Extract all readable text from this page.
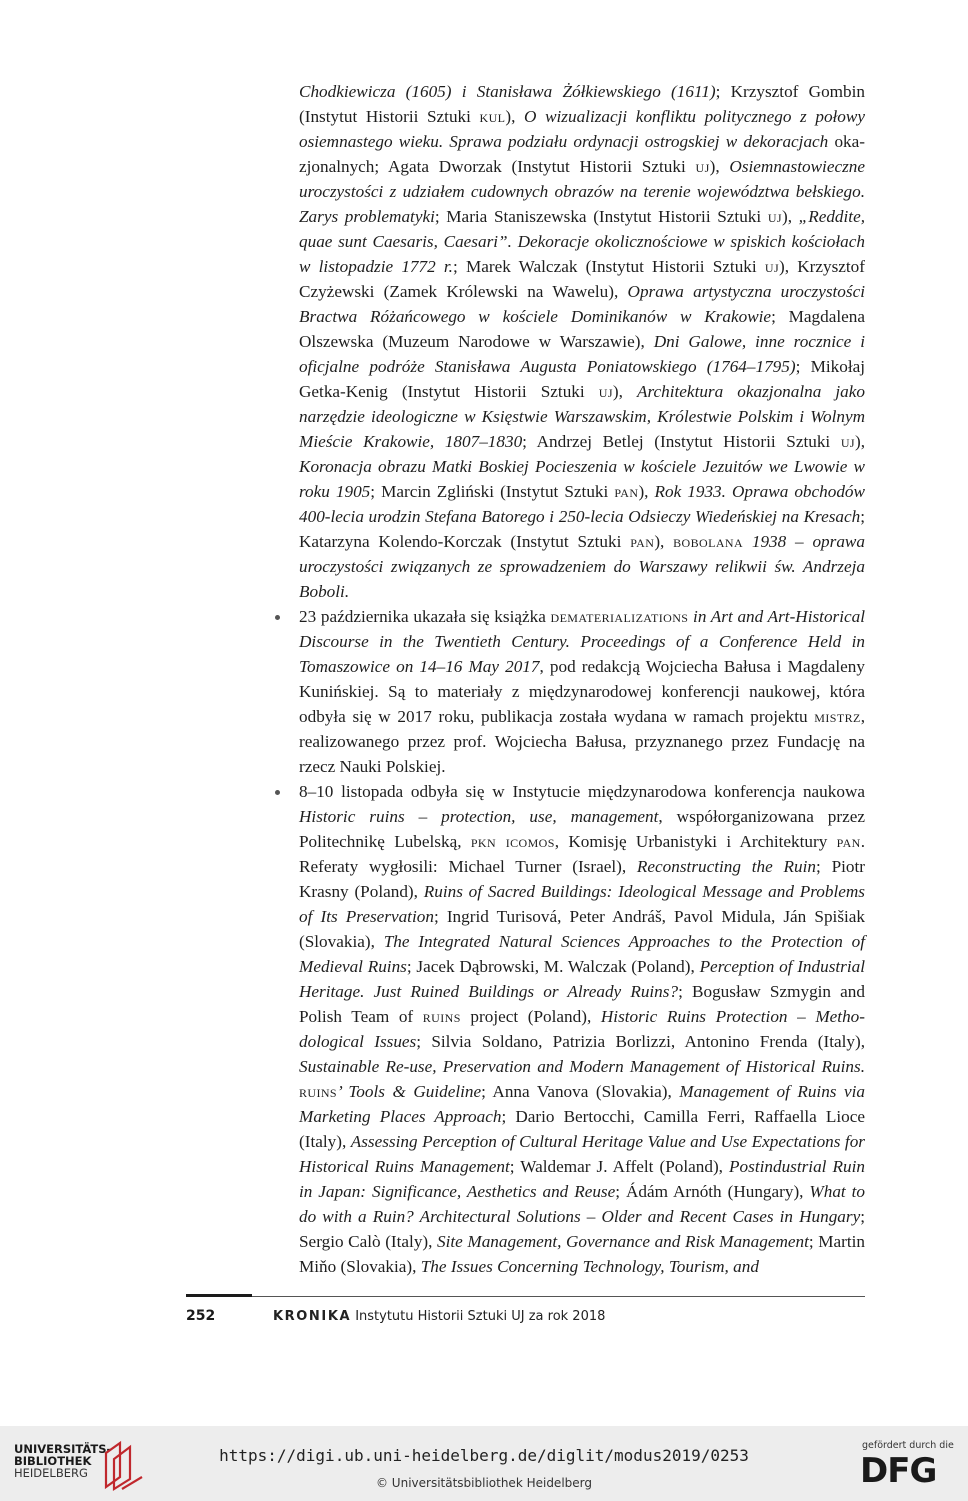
Chodkiewicza (1605) i Stanisława Żółkiewskiego (1611); Krzysztof Gombin (Instytut Historii Sztuki kul), O wizualizacji konfliktu politycznego z połowy osiemnastego wieku. Sprawa podziału ordynacji ostrogskiej w dekoracjach okazjonalnych; Agata Dworzak (Instytut Historii Sztuki uj), Osiemnastowieczne uroczystości z udziałem cudownych obrazów na terenie województwa bełskiego. Zarys problematyki; Maria Staniszewska (Instytut Historii Sztuki uj), „Reddite, quae sunt Caesaris, Caesari”. Dekoracje okolicznościowe w spiskich kościołach w listopadzie 1772 r.; Marek Walczak (Instytut Historii Sztuki uj), Krzysztof Czyżewski (Zamek Królewski na Wawelu), Oprawa artystyczna uroczystości Bractwa Różańcowego w kościele Dominikanów w Krakowie; Magdalena Olszewska (Muzeum Narodowe w Warszawie), Dni Galowe, inne rocznice i oficjalne podróże Stanisława Augusta Poniatowskiego (1764–1795); Mikołaj Getka-Kenig (Instytut Historii Sztuki uj), Architektura okazjonalna jako narzędzie ideologiczne w Księstwie Warszawskim, Królestwie Polskim i Wolnym Mieście Krakowie, 1807–1830; Andrzej Betlej (Instytut Historii Sztuki uj), Koronacja obrazu Matki Boskiej Pocieszenia w kościele Jezuitów we Lwowie w roku 1905; Marcin Zgliński (Instytut Sztuki pan), Rok 1933. Oprawa obchodów 400-lecia urodzin Stefana Batorego i 250-lecia Odsieczy Wiedeńskiej na Kresach; Katarzyna Kolendo-Korczak (Instytut Sztuki pan), bobolana 1938 – oprawa uroczystości związanych ze sprowadzeniem do Warszawy relikwii św. Andrzeja Boboli.

23 października ukazała się książka dematerializations in Art and Art-Historical Discourse in the Twentieth Century. Proceedings of a Conference Held in Tomaszowice on 14–16 May 2017, pod redakcją Wojciecha Bałusa i Magdaleny Kunińskiej. Są to materiały z międzynarodowej konferencji naukowej, która odbyła się w 2017 roku, publikacja została wydana w ramach projektu mistrz, realizowanego przez prof. Wojciecha Bałusa, przyznanego przez Fundację na rzecz Nauki Polskiej.

8–10 listopada odbyła się w Instytucie międzynarodowa konferencja naukowa Historic ruins – protection, use, management, współorganizowana przez Politechnikę Lubelską, pkn icomos, Komisję Urbanistyki i Architektury pan. Referaty wygłosili: Michael Turner (Israel), Reconstructing the Ruin; Piotr Krasny (Poland), Ruins of Sacred Buildings: Ideological Message and Problems of Its Preservation; Ingrid Turisová, Peter Andráš, Pavol Midula, Ján Spišiak (Slovakia), The Integrated Natural Sciences Approaches to the Protection of Medieval Ruins; Jacek Dąbrowski, M. Walczak (Poland), Perception of Industrial Heritage. Just Ruined Buildings or Already Ruins?; Bogusław Szmygin and Polish Team of ruins project (Poland), Historic Ruins Protection – Methodological Issues; Silvia Soldano, Patrizia Borlizzi, Antonino Frenda (Italy), Sustainable Re-use, Preservation and Modern Management of Historical Ruins. ruins’ Tools & Guideline; Anna Vanova (Slovakia), Management of Ruins via Marketing Places Approach; Dario Bertocchi, Camilla Ferri, Raffaella Lioce (Italy), Assessing Perception of Cultural Heritage Value and Use Expectations for Historical Ruins Management; Waldemar J. Affelt (Poland), Postindustrial Ruin in Japan: Significance, Aesthetics and Reuse; Ádám Arnóth (Hungary), What to do with a Ruin? Architectural Solutions – Older and Recent Cases in Hungary; Sergio Calò (Italy), Site Management, Governance and Risk Management; Martin Miňo (Slovakia), The Issues Concerning Technology, Tourism, and

252	KRONIKA Instytutu Historii Sztuki UJ za rok 2018
UNIVERSITÄTS-
BIBLIOTHEK
HEIDELBERG
https://digi.ub.uni-heidelberg.de/diglit/modus2019/0253
© Universitätsbibliothek Heidelberg
gefördert durch die
DFG
